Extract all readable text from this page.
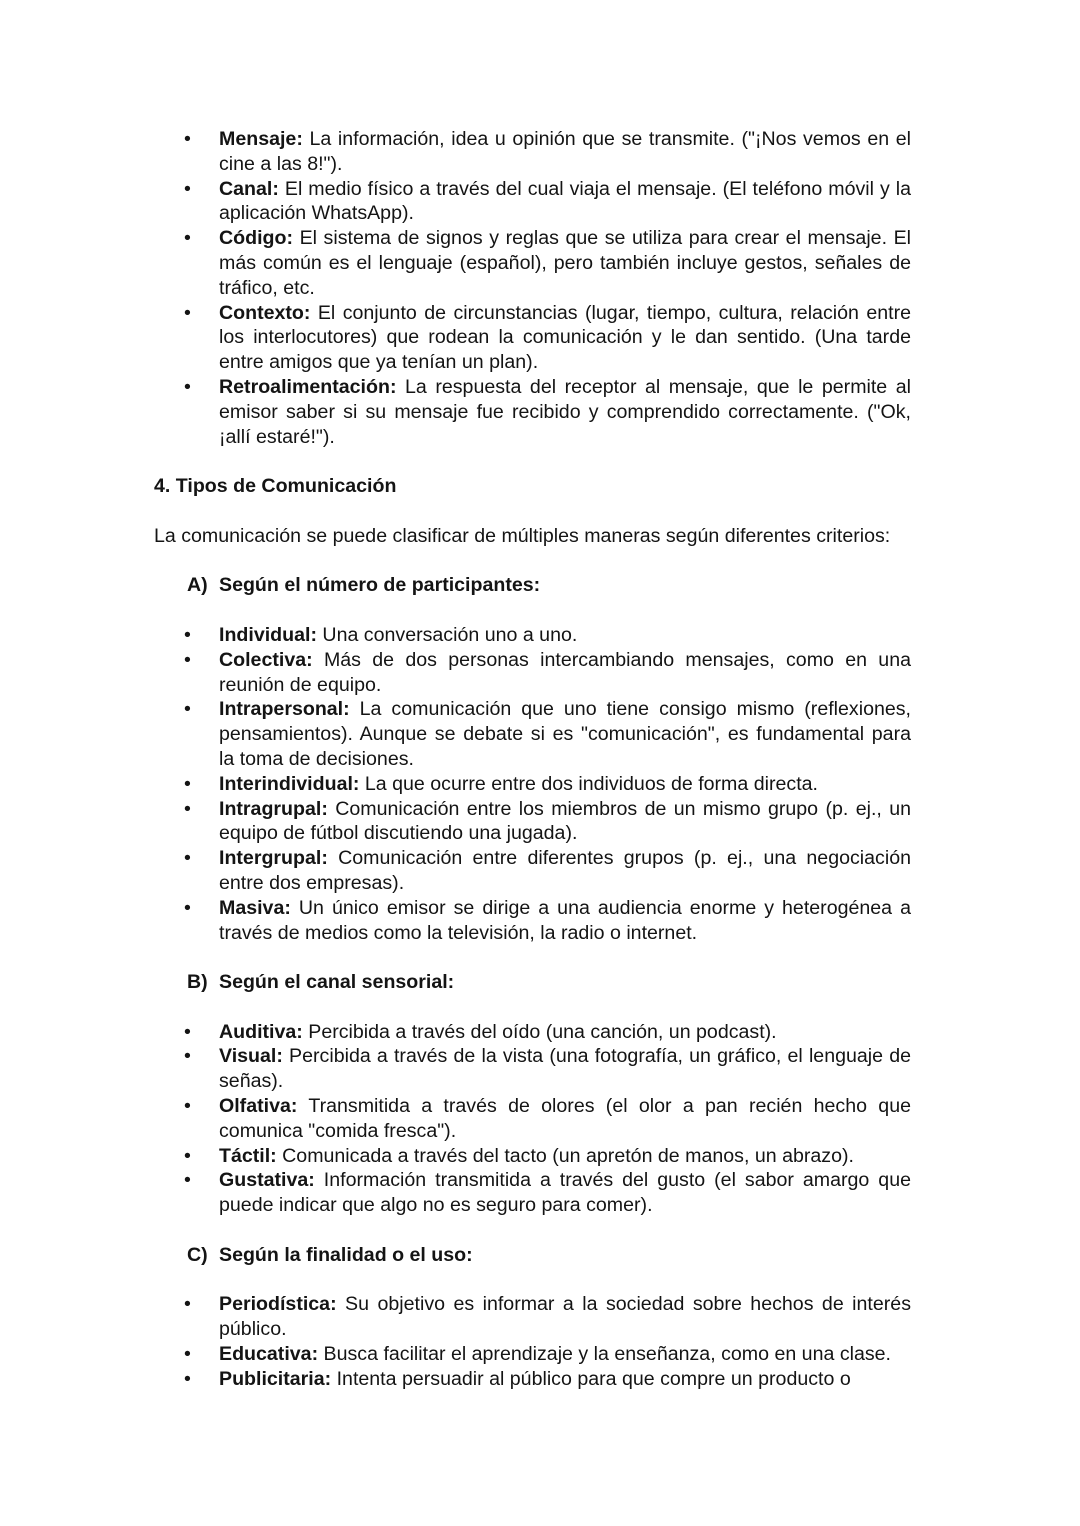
• Mensaje: La información, idea u opinión que se transmite. ("¡Nos vemos en el cine a las 8!").
• Canal: El medio físico a través del cual viaja el mensaje. (El teléfono móvil y la aplicación WhatsApp).
• Código: El sistema de signos y reglas que se utiliza para crear el mensaje. El más común es el lenguaje (español), pero también incluye gestos, señales de tráfico, etc.
• Contexto: El conjunto de circunstancias (lugar, tiempo, cultura, relación entre los interlocutores) que rodean la comunicación y le dan sentido. (Una tarde entre amigos que ya tenían un plan).
• Retroalimentación: La respuesta del receptor al mensaje, que le permite al emisor saber si su mensaje fue recibido y comprendido correctamente. ("Ok, ¡allí estaré!").

4. Tipos de Comunicación

La comunicación se puede clasificar de múltiples maneras según diferentes criterios:

A) Según el número de participantes:

• Individual: Una conversación uno a uno.
• Colectiva: Más de dos personas intercambiando mensajes, como en una reunión de equipo.
• Intrapersonal: La comunicación que uno tiene consigo mismo (reflexiones, pensamientos). Aunque se debate si es "comunicación", es fundamental para la toma de decisiones.
• Interindividual: La que ocurre entre dos individuos de forma directa.
• Intragrupal: Comunicación entre los miembros de un mismo grupo (p. ej., un equipo de fútbol discutiendo una jugada).
• Intergrupal: Comunicación entre diferentes grupos (p. ej., una negociación entre dos empresas).
• Masiva: Un único emisor se dirige a una audiencia enorme y heterogénea a través de medios como la televisión, la radio o internet.

B) Según el canal sensorial:

• Auditiva: Percibida a través del oído (una canción, un podcast).
• Visual: Percibida a través de la vista (una fotografía, un gráfico, el lenguaje de señas).
• Olfativa: Transmitida a través de olores (el olor a pan recién hecho que comunica "comida fresca").
• Táctil: Comunicada a través del tacto (un apretón de manos, un abrazo).
• Gustativa: Información transmitida a través del gusto (el sabor amargo que puede indicar que algo no es seguro para comer).

C) Según la finalidad o el uso:

• Periodística: Su objetivo es informar a la sociedad sobre hechos de interés público.
• Educativa: Busca facilitar el aprendizaje y la enseñanza, como en una clase.
• Publicitaria: Intenta persuadir al público para que compre un producto o
